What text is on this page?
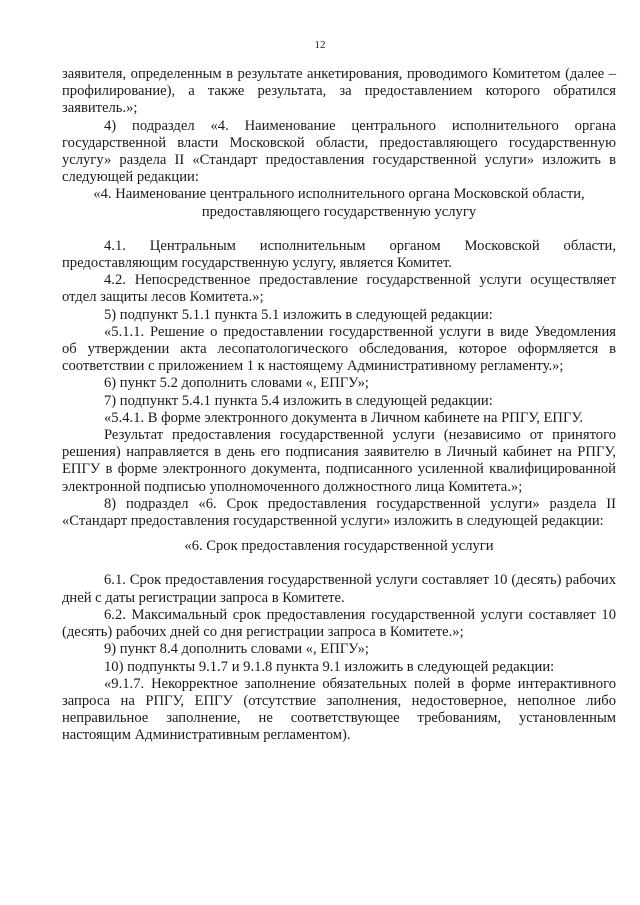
12

заявителя, определенным в результате анкетирования, проводимого Комитетом (далее – профилирование), а также результата, за предоставлением которого обратился заявитель.»;

4) подраздел «4. Наименование центрального исполнительного органа государственной власти Московской области, предоставляющего государственную услугу» раздела II «Стандарт предоставления государственной услуги» изложить в следующей редакции:

«4. Наименование центрального исполнительного органа Московской области,

предоставляющего государственную услугу

4.1. Центральным исполнительным органом Московской области, предоставляющим государственную услугу, является Комитет.

4.2. Непосредственное предоставление государственной услуги осуществляет отдел защиты лесов Комитета.»;

5) подпункт 5.1.1 пункта 5.1 изложить в следующей редакции:

«5.1.1. Решение о предоставлении государственной услуги в виде Уведомления об утверждении акта лесопатологического обследования, которое оформляется в соответствии с приложением 1 к настоящему Административному регламенту.»;

6) пункт 5.2 дополнить словами «, ЕПГУ»;

7) подпункт 5.4.1 пункта 5.4 изложить в следующей редакции:

«5.4.1. В форме электронного документа в Личном кабинете на РПГУ, ЕПГУ.

Результат предоставления государственной услуги (независимо от принятого решения) направляется в день его подписания заявителю в Личный кабинет на РПГУ, ЕПГУ в форме электронного документа, подписанного усиленной квалифицированной электронной подписью уполномоченного должностного лица Комитета.»;

8) подраздел «6. Срок предоставления государственной услуги» раздела II «Стандарт предоставления государственной услуги» изложить в следующей редакции:

«6. Срок предоставления государственной услуги

6.1. Срок предоставления государственной услуги составляет 10 (десять) рабочих дней с даты регистрации запроса в Комитете.

6.2. Максимальный срок предоставления государственной услуги составляет 10 (десять) рабочих дней со дня регистрации запроса в Комитете.»;

9) пункт 8.4 дополнить словами «, ЕПГУ»;

10) подпункты 9.1.7 и 9.1.8 пункта 9.1 изложить в следующей редакции:

«9.1.7. Некорректное заполнение обязательных полей в форме интерактивного запроса на РПГУ, ЕПГУ (отсутствие заполнения, недостоверное, неполное либо неправильное заполнение, не соответствующее требованиям, установленным настоящим Административным регламентом).
